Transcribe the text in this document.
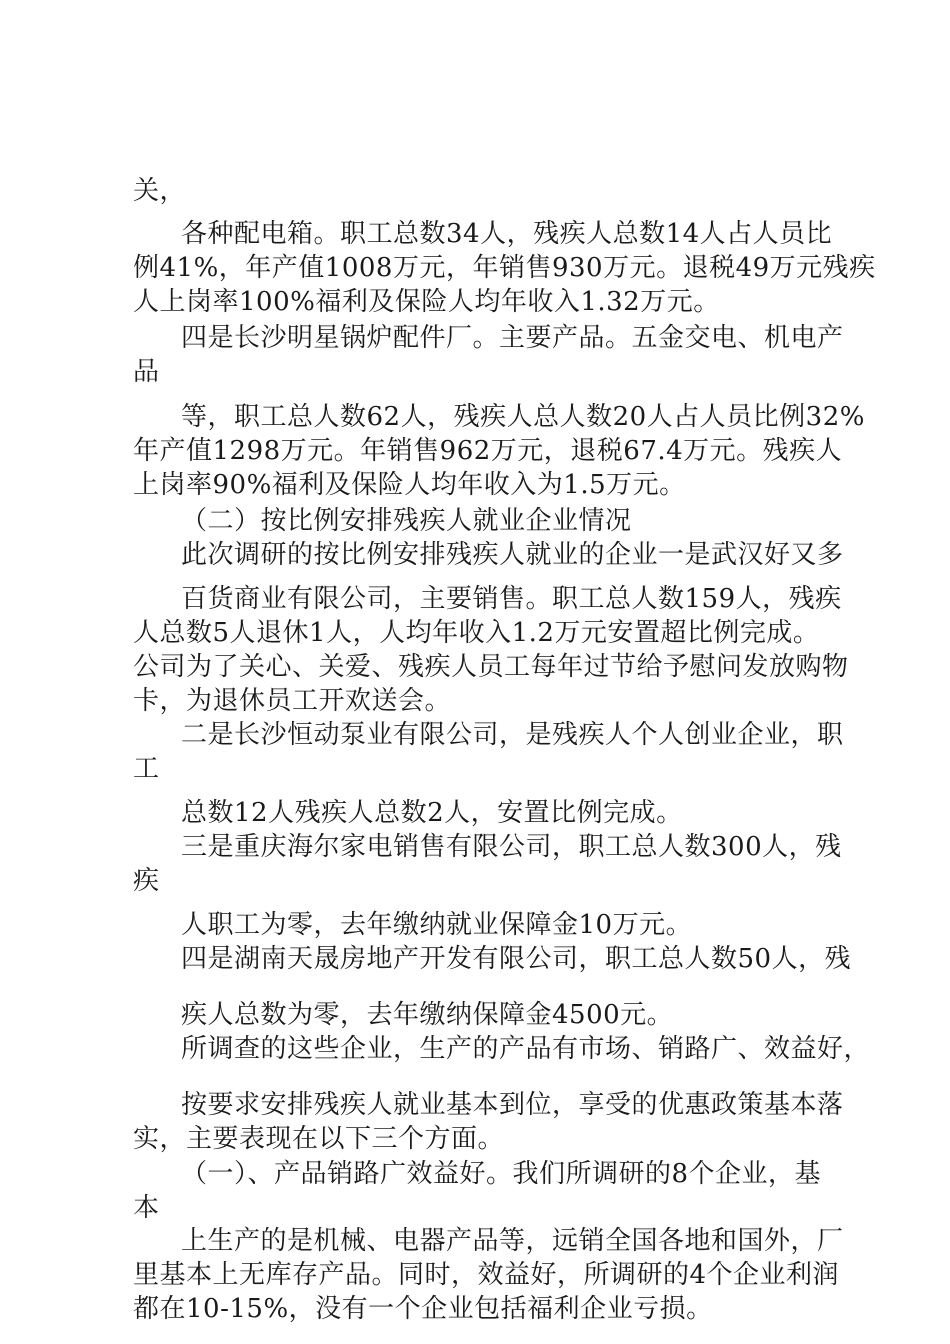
关，
各种配电箱。职工总数34人，残疾人总数14人占人员比
例41%，年产值1008万元，年销售930万元。退税49万元残疾
人上岗率100%福利及保险人均年收入1.32万元。
四是长沙明星锅炉配件厂。主要产品。五金交电、机电产
品
等，职工总人数62人，残疾人总人数20人占人员比例32%
年产值1298万元。年销售962万元，退税67.4万元。残疾人
上岗率90%福利及保险人均年收入为1.5万元。
（二）按比例安排残疾人就业企业情况
此次调研的按比例安排残疾人就业的企业一是武汉好又多
百货商业有限公司，主要销售。职工总人数159人，残疾
人总数5人退休1人，人均年收入1.2万元安置超比例完成。
公司为了关心、关爱、残疾人员工每年过节给予慰问发放购物
卡，为退休员工开欢送会。
二是长沙恒动泵业有限公司，是残疾人个人创业企业，职
工
总数12人残疾人总数2人，安置比例完成。
三是重庆海尔家电销售有限公司，职工总人数300人，残
疾
人职工为零，去年缴纳就业保障金10万元。
四是湖南天晟房地产开发有限公司，职工总人数50人，残
疾人总数为零，去年缴纳保障金4500元。
所调查的这些企业，生产的产品有市场、销路广、效益好，
按要求安排残疾人就业基本到位，享受的优惠政策基本落
实，主要表现在以下三个方面。
（一）、产品销路广效益好。我们所调研的8个企业，基
本
上生产的是机械、电器产品等，远销全国各地和国外，厂
里基本上无库存产品。同时，效益好，所调研的4个企业利润
都在10-15%，没有一个企业包括福利企业亏损。
